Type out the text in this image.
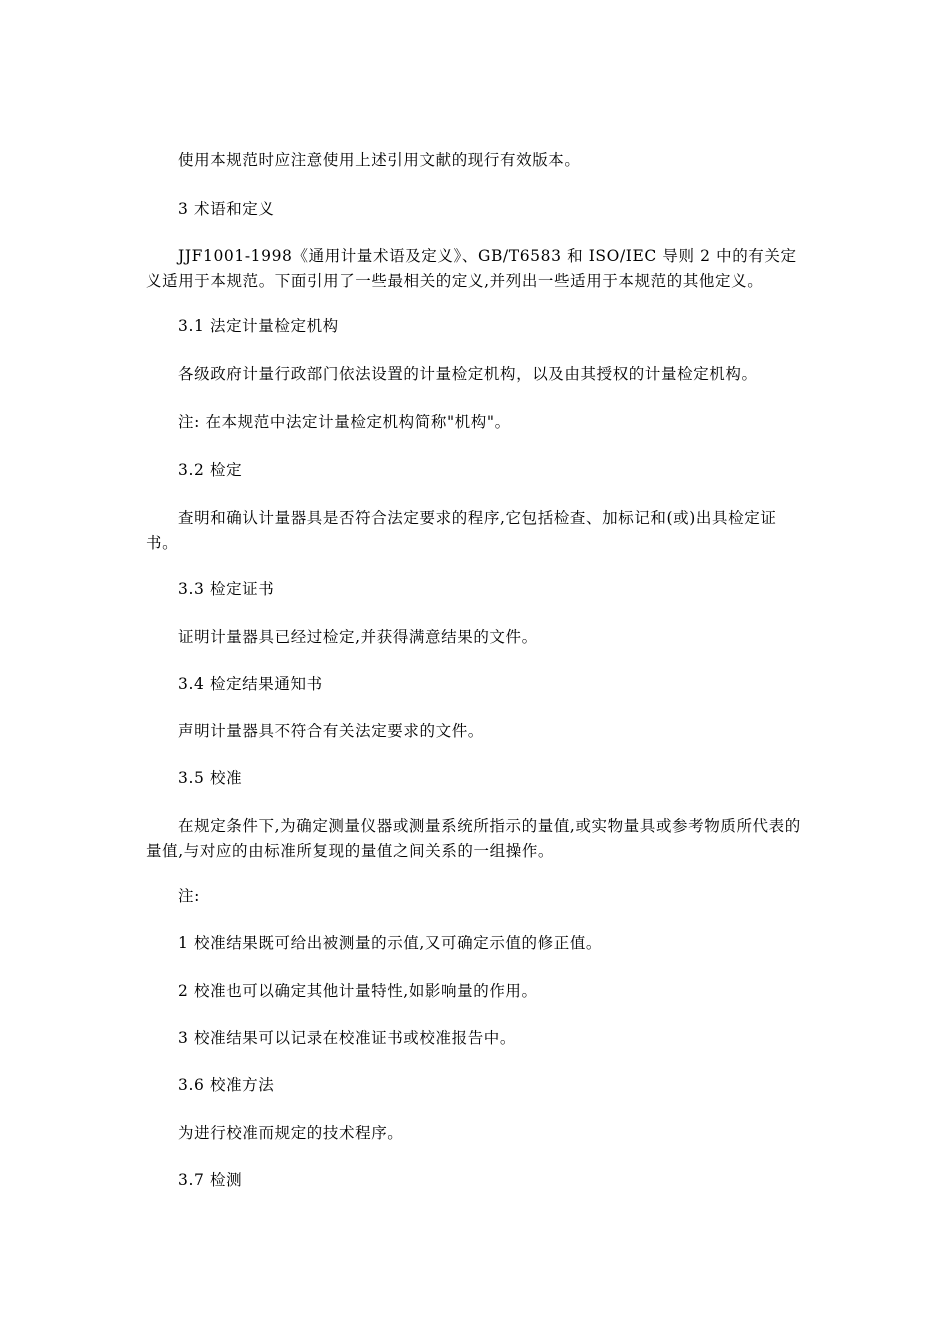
使用本规范时应注意使用上述引用文献的现行有效版本。

3 术语和定义

JJF1001-1998《通用计量术语及定义》、GB/T6583 和 ISO/IEC 导则 2 中的有关定义适用于本规范。下面引用了一些最相关的定义,并列出一些适用于本规范的其他定义。

3.1 法定计量检定机构

各级政府计量行政部门依法设置的计量检定机构，以及由其授权的计量检定机构。

注: 在本规范中法定计量检定机构简称"机构"。

3.2 检定

查明和确认计量器具是否符合法定要求的程序,它包括检查、加标记和(或)出具检定证书。

3.3 检定证书

证明计量器具已经过检定,并获得满意结果的文件。

3.4 检定结果通知书

声明计量器具不符合有关法定要求的文件。

3.5 校准

在规定条件下,为确定测量仪器或测量系统所指示的量值,或实物量具或参考物质所代表的量值,与对应的由标准所复现的量值之间关系的一组操作。

注:

1 校准结果既可给出被测量的示值,又可确定示值的修正值。

2 校准也可以确定其他计量特性,如影响量的作用。

3 校准结果可以记录在校准证书或校准报告中。

3.6 校准方法

为进行校准而规定的技术程序。

3.7 检测
